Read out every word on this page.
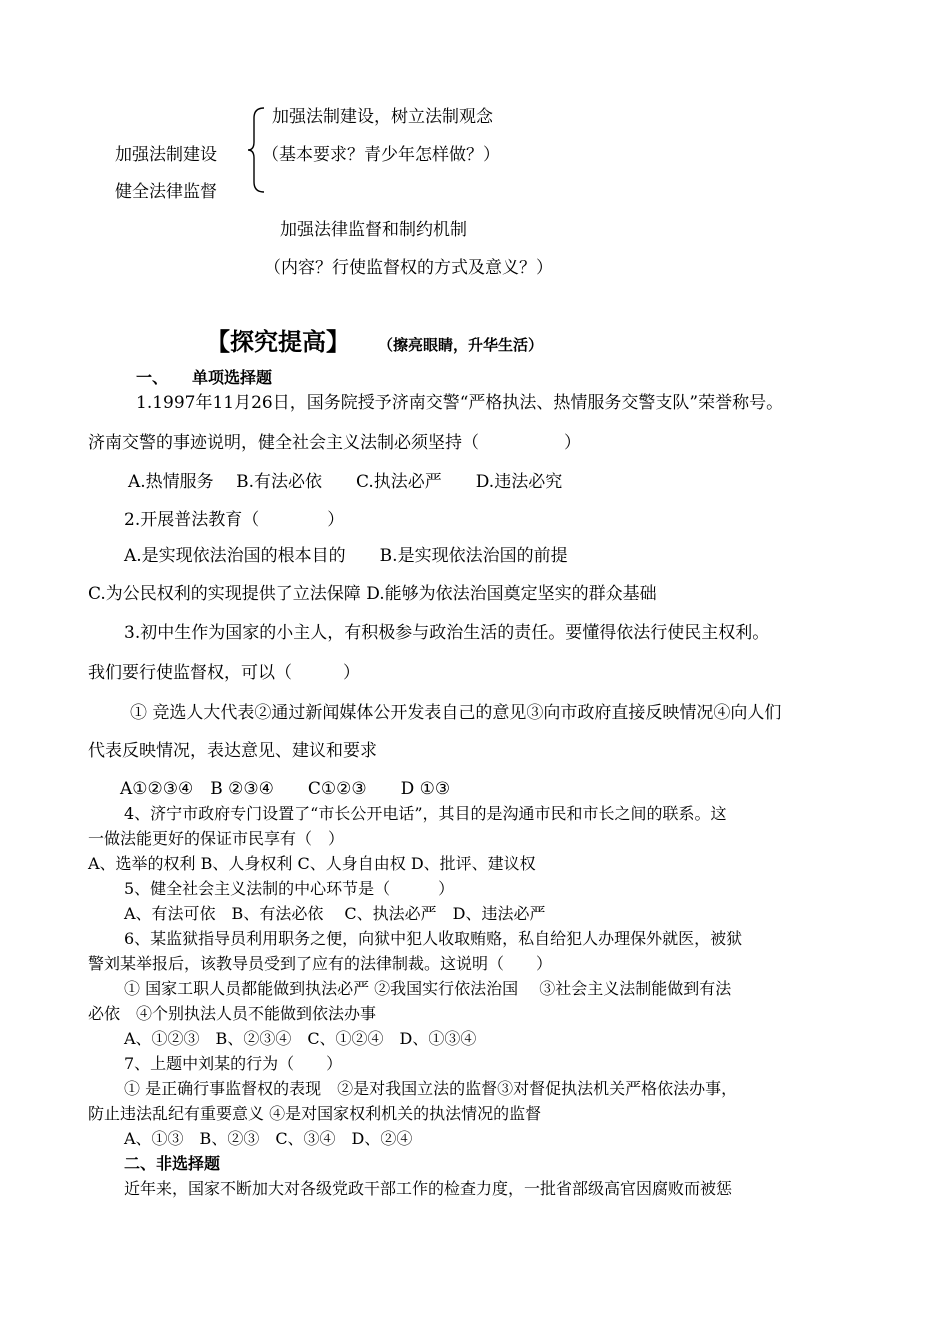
加强法制建设，树立法制观念
（基本要求？青少年怎样做？）
加强法制建设
健全法律监督
加强法律监督和制约机制
（内容？行使监督权的方式及意义？）
【探究提高】 （擦亮眼睛，升华生活）
一、 单项选择题
1.1997年11月26日，国务院授予济南交警“严格执法、热情服务交警支队”荣誉称号。
济南交警的事迹说明，健全社会主义法制必须坚持（　　　　　）
A.热情服务　 B.有法必依　　C.执法必严　　D.违法必究
2.开展普法教育（　　　　）
A.是实现依法治国的根本目的　　B.是实现依法治国的前提
C.为公民权利的实现提供了立法保障 D.能够为依法治国奠定坚实的群众基础
3.初中生作为国家的小主人，有积极参与政治生活的责任。要懂得依法行使民主权利。
我们要行使监督权，可以（　　　）
① 竞选人大代表②通过新闻媒体公开发表自己的意见③向市政府直接反映情况④向人们
代表反映情况，表达意见、建议和要求
A①②③④　B ②③④　　C①②③　　D ①③
4、济宁市政府专门设置了“市长公开电话”，其目的是沟通市民和市长之间的联系。这
一做法能更好的保证市民享有（　）
A、选举的权利 B、人身权利 C、人身自由权 D、批评、建议权
5、健全社会主义法制的中心环节是（　　　）
A、有法可依　B、有法必依　 C、执法必严　D、违法必严
6、某监狱指导员利用职务之便，向狱中犯人收取贿赂，私自给犯人办理保外就医，被狱
警刘某举报后，该教导员受到了应有的法律制裁。这说明（　　）
① 国家工职人员都能做到执法必严 ②我国实行依法治国　 ③社会主义法制能做到有法
必依　④个别执法人员不能做到依法办事
A、①②③　B、②③④　C、①②④　D、①③④
7、上题中刘某的行为（　　）
① 是正确行事监督权的表现　②是对我国立法的监督③对督促执法机关严格依法办事，
防止违法乱纪有重要意义 ④是对国家权利机关的执法情况的监督
A、①③　B、②③　C、③④　D、②④
二、非选择题
近年来，国家不断加大对各级党政干部工作的检查力度，一批省部级高官因腐败而被惩
